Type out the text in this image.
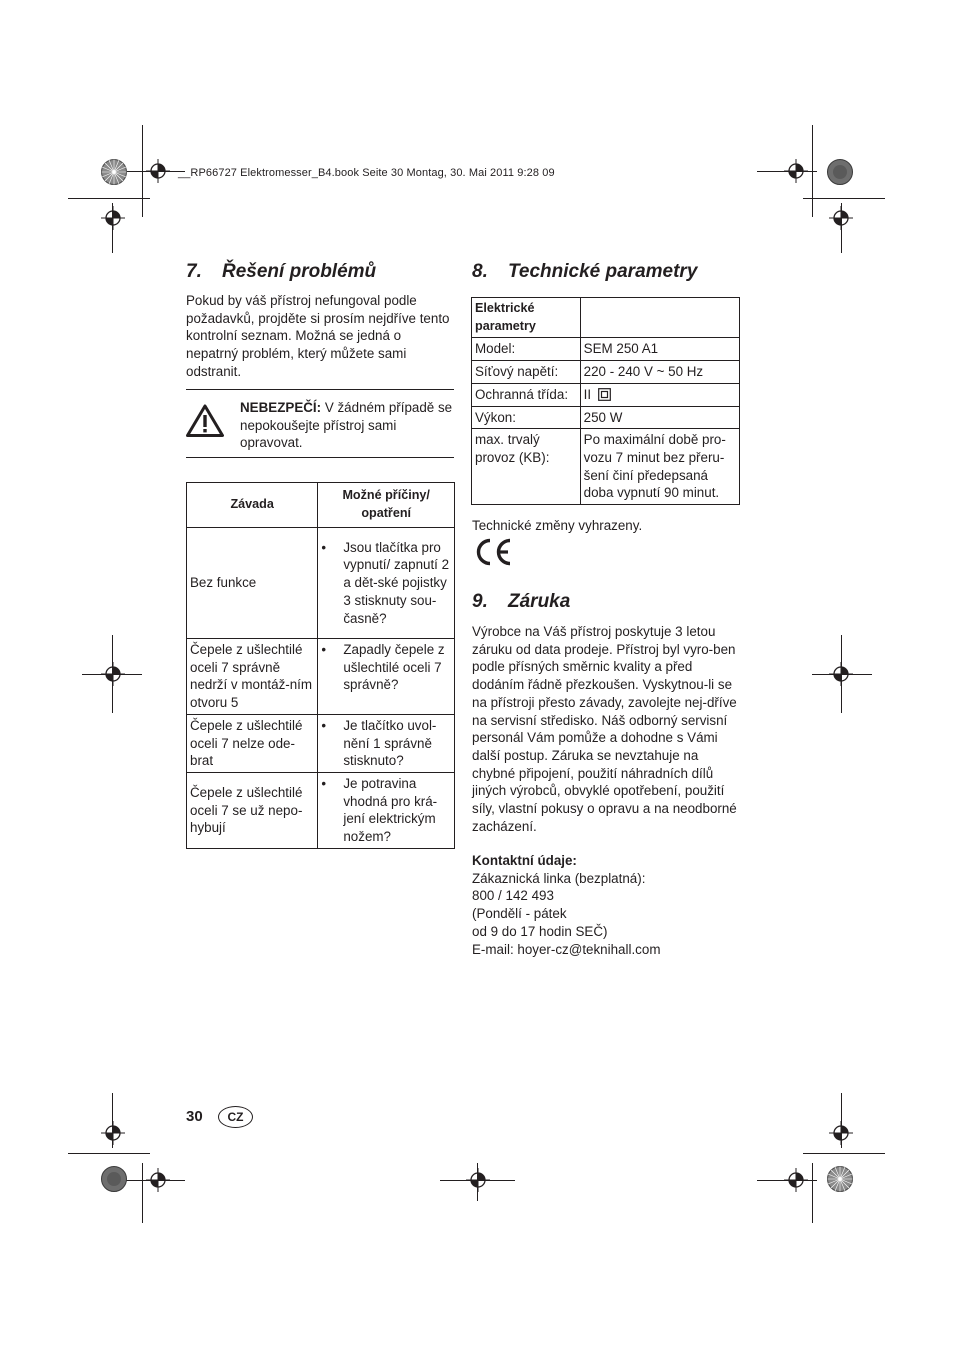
__RP66727 Elektromesser_B4.book Seite 30 Montag, 30. Mai 2011 9:28 09
7. Řešení problémů

Pokud by váš přístroj nefungoval podle požadavků, projděte si prosím nejdříve tento kontrolní seznam. Možná se jedná o nepatrný problém, který můžete sami odstranit.

NEBEZPEČÍ: V žádném případě se nepokoušejte přístroj sami opravovat.

Závada	Možné příčiny/ opatření
Bez funkce	• Jsou tlačítka pro vypnutí/ zapnutí 2 a dět-ské pojistky 3 stisknuty sou-časně?

Čepele z ušlechtilé oceli 7 správně nedrží v montáž-ním otvoru 5	• Zapadly čepele z ušlechtilé oceli 7 správně?

Čepele z ušlechtilé oceli 7 nelze ode-brat	• Je tlačítko uvol-nění 1 správně stisknuto?

Čepele z ušlechtilé oceli 7 se už nepo-hybují	• Je potravina vhodná pro krá-jení elektrickým nožem?
8. Technické parametry
Elektrické parametry	
Model:	SEM 250 A1
Síťový napětí:	220 - 240 V ~ 50 Hz
Ochranná třída:	II
Výkon:	250 W
max. trvalý provoz (KB):	Po maximální době pro-vozu 7 minut bez přeru-šení činí předepsaná doba vypnutí 90 minut.

Technické změny vyhrazeny.

9. Záruka

Výrobce na Váš přístroj poskytuje 3 letou záruku od data prodeje. Přístroj byl vyro-ben podle přísných směrnic kvality a před dodáním řádně přezkoušen. Vyskytnou-li se na přístroji přesto závady, zavolejte nej-dříve na servisní středisko. Náš odborný servisní personál Vám pomůže a dohodne s Vámi další postup. Záruka se nevztahuje na chybné připojení, použití náhradních dílů jiných výrobců, obvyklé opotřebení, použití síly, vlastní pokusy o opravu a na neodborné zacházení.

Kontaktní údaje:
Zákaznická linka (bezplatná):
800 / 142 493
(Pondělí - pátek
od 9 do 17 hodin SEČ)
E-mail: hoyer-cz@teknihall.com
30	CZ
